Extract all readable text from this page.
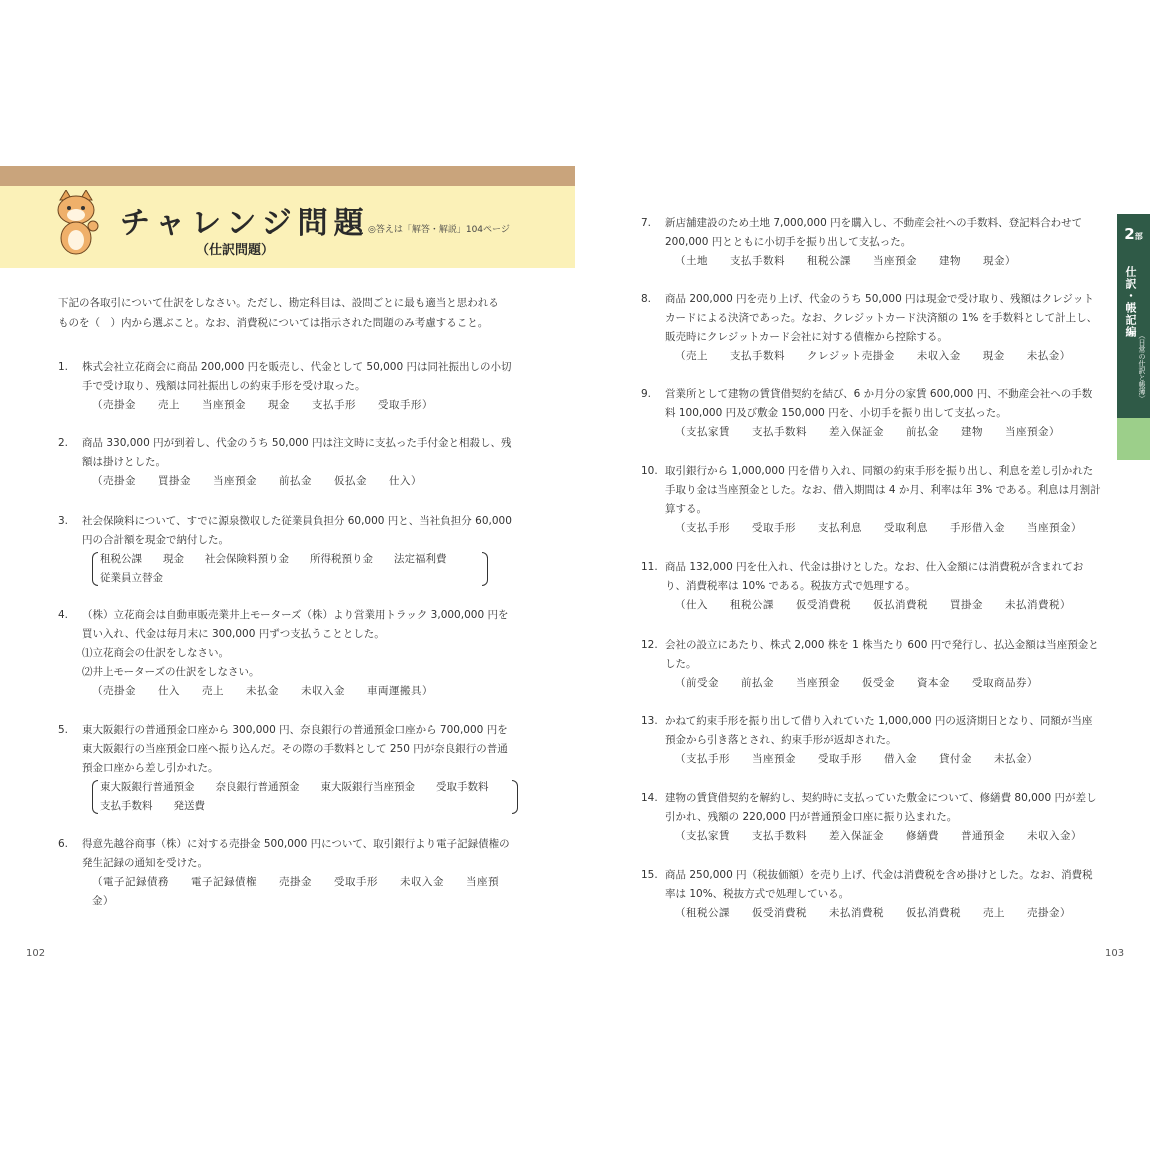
チャレンジ問題
（仕訳問題）
◎答えは「解答・解説」104ページ
下記の各取引について仕訳をしなさい。ただし、勘定科目は、設問ごとに最も適当と思われるものを（　）内から選ぶこと。なお、消費税については指示された問題のみ考慮すること。
1.	株式会社立花商会に商品 200,000 円を販売し、代金として 50,000 円は同社振出しの小切手で受け取り、残額は同社振出しの約束手形を受け取った。
（売掛金　　売上　　当座預金　　現金　　支払手形　　受取手形）
2.	商品 330,000 円が到着し、代金のうち 50,000 円は注文時に支払った手付金と相殺し、残額は掛けとした。
（売掛金　　買掛金　　当座預金　　前払金　　仮払金　　仕入）
3.	社会保険料について、すでに源泉徴収した従業員負担分 60,000 円と、当社負担分 60,000 円の合計額を現金で納付した。
租税公課　　現金　　社会保険料預り金　　所得税預り金　　法定福利費
従業員立替金
4.	（株）立花商会は自動車販売業井上モーターズ（株）より営業用トラック 3,000,000 円を買い入れ、代金は毎月末に 300,000 円ずつ支払うこととした。
⑴立花商会の仕訳をしなさい。
⑵井上モーターズの仕訳をしなさい。
（売掛金　　仕入　　売上　　未払金　　未収入金　　車両運搬具）
5.	東大阪銀行の普通預金口座から 300,000 円、奈良銀行の普通預金口座から 700,000 円を東大阪銀行の当座預金口座へ振り込んだ。その際の手数料として 250 円が奈良銀行の普通預金口座から差し引かれた。
東大阪銀行普通預金　　奈良銀行普通預金　　東大阪銀行当座預金　　受取手数料
支払手数料　　発送費
6.	得意先越谷商事（株）に対する売掛金 500,000 円について、取引銀行より電子記録債権の発生記録の通知を受けた。
（電子記録債務　　電子記録債権　　売掛金　　受取手形　　未収入金　　当座預金）
102
2部
仕訳・帳記編
（日常の仕訳と帳簿）
7.	新店舗建設のため土地 7,000,000 円を購入し、不動産会社への手数料、登記料合わせて 200,000 円とともに小切手を振り出して支払った。
（土地　　支払手数料　　租税公課　　当座預金　　建物　　現金）
8.	商品 200,000 円を売り上げ、代金のうち 50,000 円は現金で受け取り、残額はクレジットカードによる決済であった。なお、クレジットカード決済額の 1% を手数料として計上し、販売時にクレジットカード会社に対する債権から控除する。
（売上　　支払手数料　　クレジット売掛金　　未収入金　　現金　　未払金）
9.	営業所として建物の賃貸借契約を結び、6 か月分の家賃 600,000 円、不動産会社への手数料 100,000 円及び敷金 150,000 円を、小切手を振り出して支払った。
（支払家賃　　支払手数料　　差入保証金　　前払金　　建物　　当座預金）
10. 取引銀行から 1,000,000 円を借り入れ、同額の約束手形を振り出し、利息を差し引かれた手取り金は当座預金とした。なお、借入期間は 4 か月、利率は年 3% である。利息は月割計算する。
（支払手形　　受取手形　　支払利息　　受取利息　　手形借入金　　当座預金）
11. 商品 132,000 円を仕入れ、代金は掛けとした。なお、仕入金額には消費税が含まれており、消費税率は 10% である。税抜方式で処理する。
（仕入　　租税公課　　仮受消費税　　仮払消費税　　買掛金　　未払消費税）
12. 会社の設立にあたり、株式 2,000 株を 1 株当たり 600 円で発行し、払込金額は当座預金とした。
（前受金　　前払金　　当座預金　　仮受金　　資本金　　受取商品券）
13. かねて約束手形を振り出して借り入れていた 1,000,000 円の返済期日となり、同額が当座預金から引き落とされ、約束手形が返却された。
（支払手形　　当座預金　　受取手形　　借入金　　貸付金　　未払金）
14. 建物の賃貸借契約を解約し、契約時に支払っていた敷金について、修繕費 80,000 円が差し引かれ、残額の 220,000 円が普通預金口座に振り込まれた。
（支払家賃　　支払手数料　　差入保証金　　修繕費　　普通預金　　未収入金）
15. 商品 250,000 円（税抜価額）を売り上げ、代金は消費税を含め掛けとした。なお、消費税率は 10%、税抜方式で処理している。
（租税公課　　仮受消費税　　未払消費税　　仮払消費税　　売上　　売掛金）
103
